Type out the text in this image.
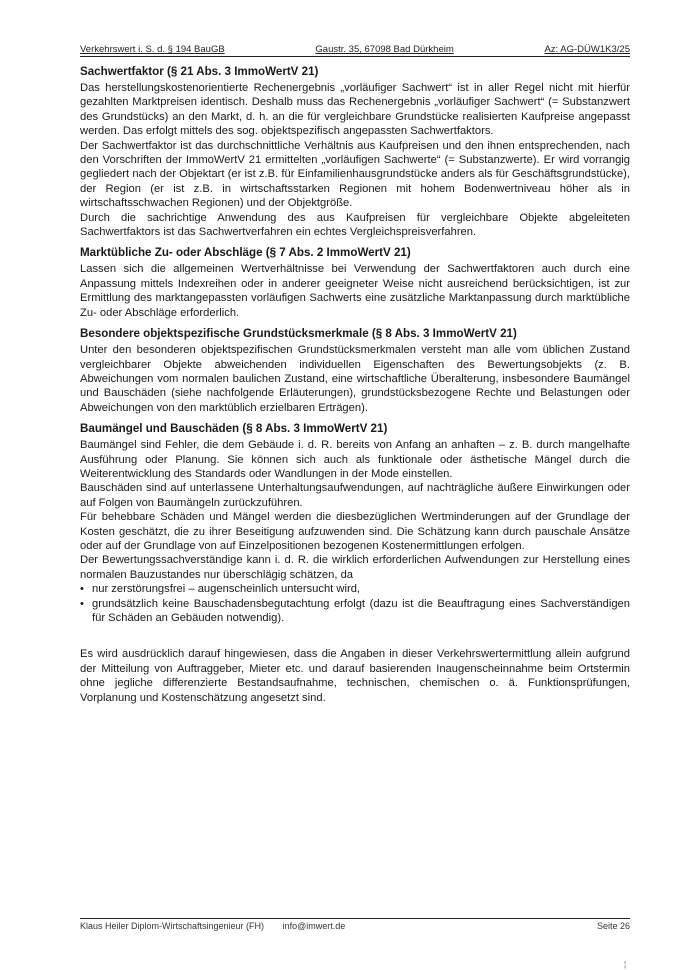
Verkehrswert i. S. d. § 194 BauGB	Gaustr. 35, 67098 Bad Dürkheim	Az: AG-DÜW1K3/25
Sachwertfaktor (§ 21 Abs. 3 ImmoWertV 21)

Das herstellungskostenorientierte Rechenergebnis „vorläufiger Sachwert“ ist in aller Regel nicht mit hierfür gezahlten Marktpreisen identisch. Deshalb muss das Rechenergebnis „vorläufiger Sachwert“ (= Substanzwert des Grundstücks) an den Markt, d. h. an die für vergleichbare Grundstücke realisierten Kaufpreise angepasst werden. Das erfolgt mittels des sog. objektspezifisch angepassten Sachwertfaktors.

Der Sachwertfaktor ist das durchschnittliche Verhältnis aus Kaufpreisen und den ihnen entsprechenden, nach den Vorschriften der ImmoWertV 21 ermittelten „vorläufigen Sachwerte“ (= Substanzwerte). Er wird vorrangig gegliedert nach der Objektart (er ist z.B. für Einfamilienhausgrundstücke anders als für Geschäftsgrundstücke), der Region (er ist z.B. in wirtschaftsstarken Regionen mit hohem Bodenwertniveau höher als in wirtschaftsschwachen Regionen) und der Objektgröße.

Durch die sachrichtige Anwendung des aus Kaufpreisen für vergleichbare Objekte abgeleiteten Sachwertfaktors ist das Sachwertverfahren ein echtes Vergleichspreisverfahren.

Marktübliche Zu- oder Abschläge (§ 7 Abs. 2 ImmoWertV 21)

Lassen sich die allgemeinen Wertverhältnisse bei Verwendung der Sachwertfaktoren auch durch eine Anpassung mittels Indexreihen oder in anderer geeigneter Weise nicht ausreichend berücksichtigen, ist zur Ermittlung des marktangepassten vorläufigen Sachwerts eine zusätzliche Marktanpassung durch marktübliche Zu- oder Abschläge erforderlich.

Besondere objektspezifische Grundstücksmerkmale (§ 8 Abs. 3 ImmoWertV 21)

Unter den besonderen objektspezifischen Grundstücksmerkmalen versteht man alle vom üblichen Zustand vergleichbarer Objekte abweichenden individuellen Eigenschaften des Bewertungsobjekts (z. B. Abweichungen vom normalen baulichen Zustand, eine wirtschaftliche Überalterung, insbesondere Baumängel und Bauschäden (siehe nachfolgende Erläuterungen), grundstücksbezogene Rechte und Belastungen oder Abweichungen von den marktüblich erzielbaren Erträgen).

Baumängel und Bauschäden (§ 8 Abs. 3 ImmoWertV 21)

Baumängel sind Fehler, die dem Gebäude i. d. R. bereits von Anfang an anhaften – z. B. durch mangelhafte Ausführung oder Planung. Sie können sich auch als funktionale oder ästhetische Mängel durch die Weiterentwicklung des Standards oder Wandlungen in der Mode einstellen.

Bauschäden sind auf unterlassene Unterhaltungsaufwendungen, auf nachträgliche äußere Einwirkungen oder auf Folgen von Baumängeln zurückzuführen.

Für behebbare Schäden und Mängel werden die diesbezüglichen Wertminderungen auf der Grundlage der Kosten geschätzt, die zu ihrer Beseitigung aufzuwenden sind. Die Schätzung kann durch pauschale Ansätze oder auf der Grundlage von auf Einzelpositionen bezogenen Kostenermittlungen erfolgen.

Der Bewertungssachverständige kann i. d. R. die wirklich erforderlichen Aufwendungen zur Herstellung eines normalen Bauzustandes nur überschlägig schätzen, da

• nur zerstörungsfrei – augenscheinlich untersucht wird,
• grundsätzlich keine Bauschadensbegutachtung erfolgt (dazu ist die Beauftragung eines Sachverständigen für Schäden an Gebäuden notwendig).

Es wird ausdrücklich darauf hingewiesen, dass die Angaben in dieser Verkehrswertermittlung allein aufgrund der Mitteilung von Auftraggeber, Mieter etc. und darauf basierenden Inaugenscheinnahme beim Ortstermin ohne jegliche differenzierte Bestandsaufnahme, technischen, chemischen o. ä. Funktionsprüfungen, Vorplanung und Kostenschätzung angesetzt sind.

Klaus Heiler Diplom-Wirtschaftsingenieur (FH) info@imwert.de	Seite 26
¦
